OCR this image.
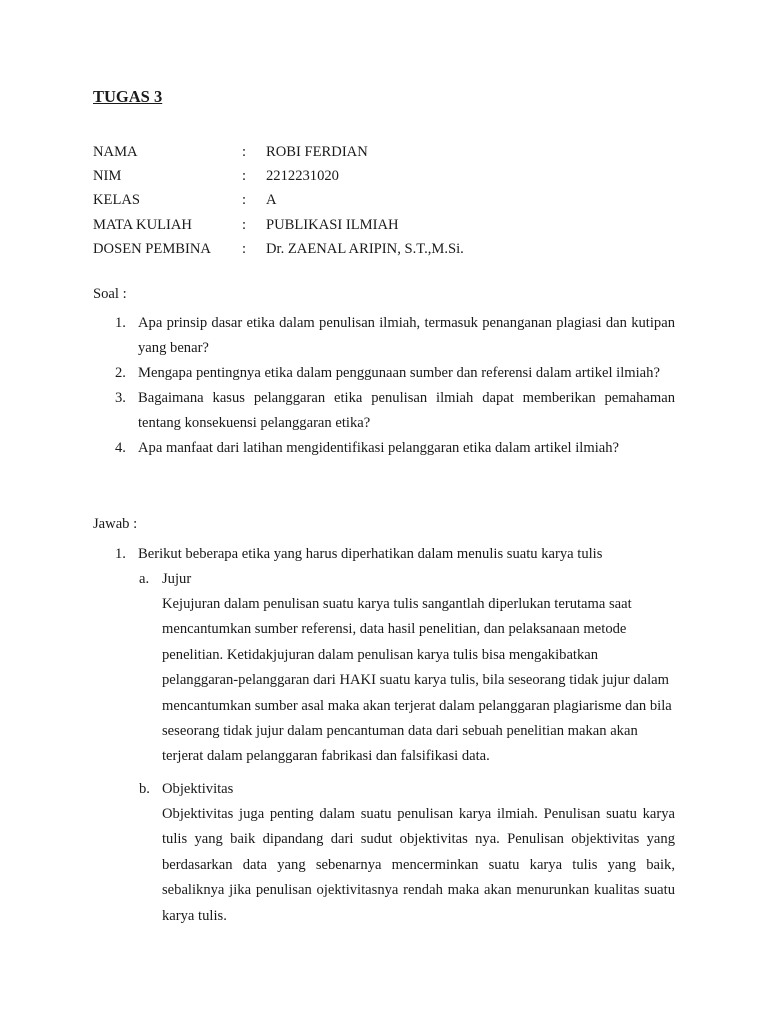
TUGAS 3
NAMA	:	ROBI FERDIAN
NIM	:	2212231020
KELAS	:	A
MATA KULIAH	:	PUBLIKASI ILMIAH
DOSEN PEMBINA	:	Dr. ZAENAL ARIPIN, S.T.,M.Si.
Soal :
1. Apa prinsip dasar etika dalam penulisan ilmiah, termasuk penanganan plagiasi dan kutipan yang benar?
2. Mengapa pentingnya etika dalam penggunaan sumber dan referensi dalam artikel ilmiah?
3. Bagaimana kasus pelanggaran etika penulisan ilmiah dapat memberikan pemahaman tentang konsekuensi pelanggaran etika?
4. Apa manfaat dari latihan mengidentifikasi pelanggaran etika dalam artikel ilmiah?
Jawab :
1. Berikut beberapa etika yang harus diperhatikan dalam menulis suatu karya tulis
a. Jujur

Kejujuran dalam penulisan suatu karya tulis sangantlah diperlukan terutama saat mencantumkan sumber referensi, data hasil penelitian, dan pelaksanaan metode penelitian. Ketidakjujuran dalam penulisan karya tulis bisa mengakibatkan pelanggaran-pelanggaran dari HAKI suatu karya tulis, bila seseorang tidak jujur dalam mencantumkan sumber asal maka akan terjerat dalam pelanggaran plagiarisme dan bila seseorang tidak jujur dalam pencantuman data dari sebuah penelitian makan akan terjerat dalam pelanggaran fabrikasi dan falsifikasi data.

b. Objektivitas

Objektivitas juga penting dalam suatu penulisan karya ilmiah. Penulisan suatu karya tulis yang baik dipandang dari sudut objektivitas nya. Penulisan objektivitas yang berdasarkan data yang sebenarnya mencerminkan suatu karya tulis yang baik, sebaliknya jika penulisan ojektivitasnya rendah maka akan menurunkan kualitas suatu karya tulis.
